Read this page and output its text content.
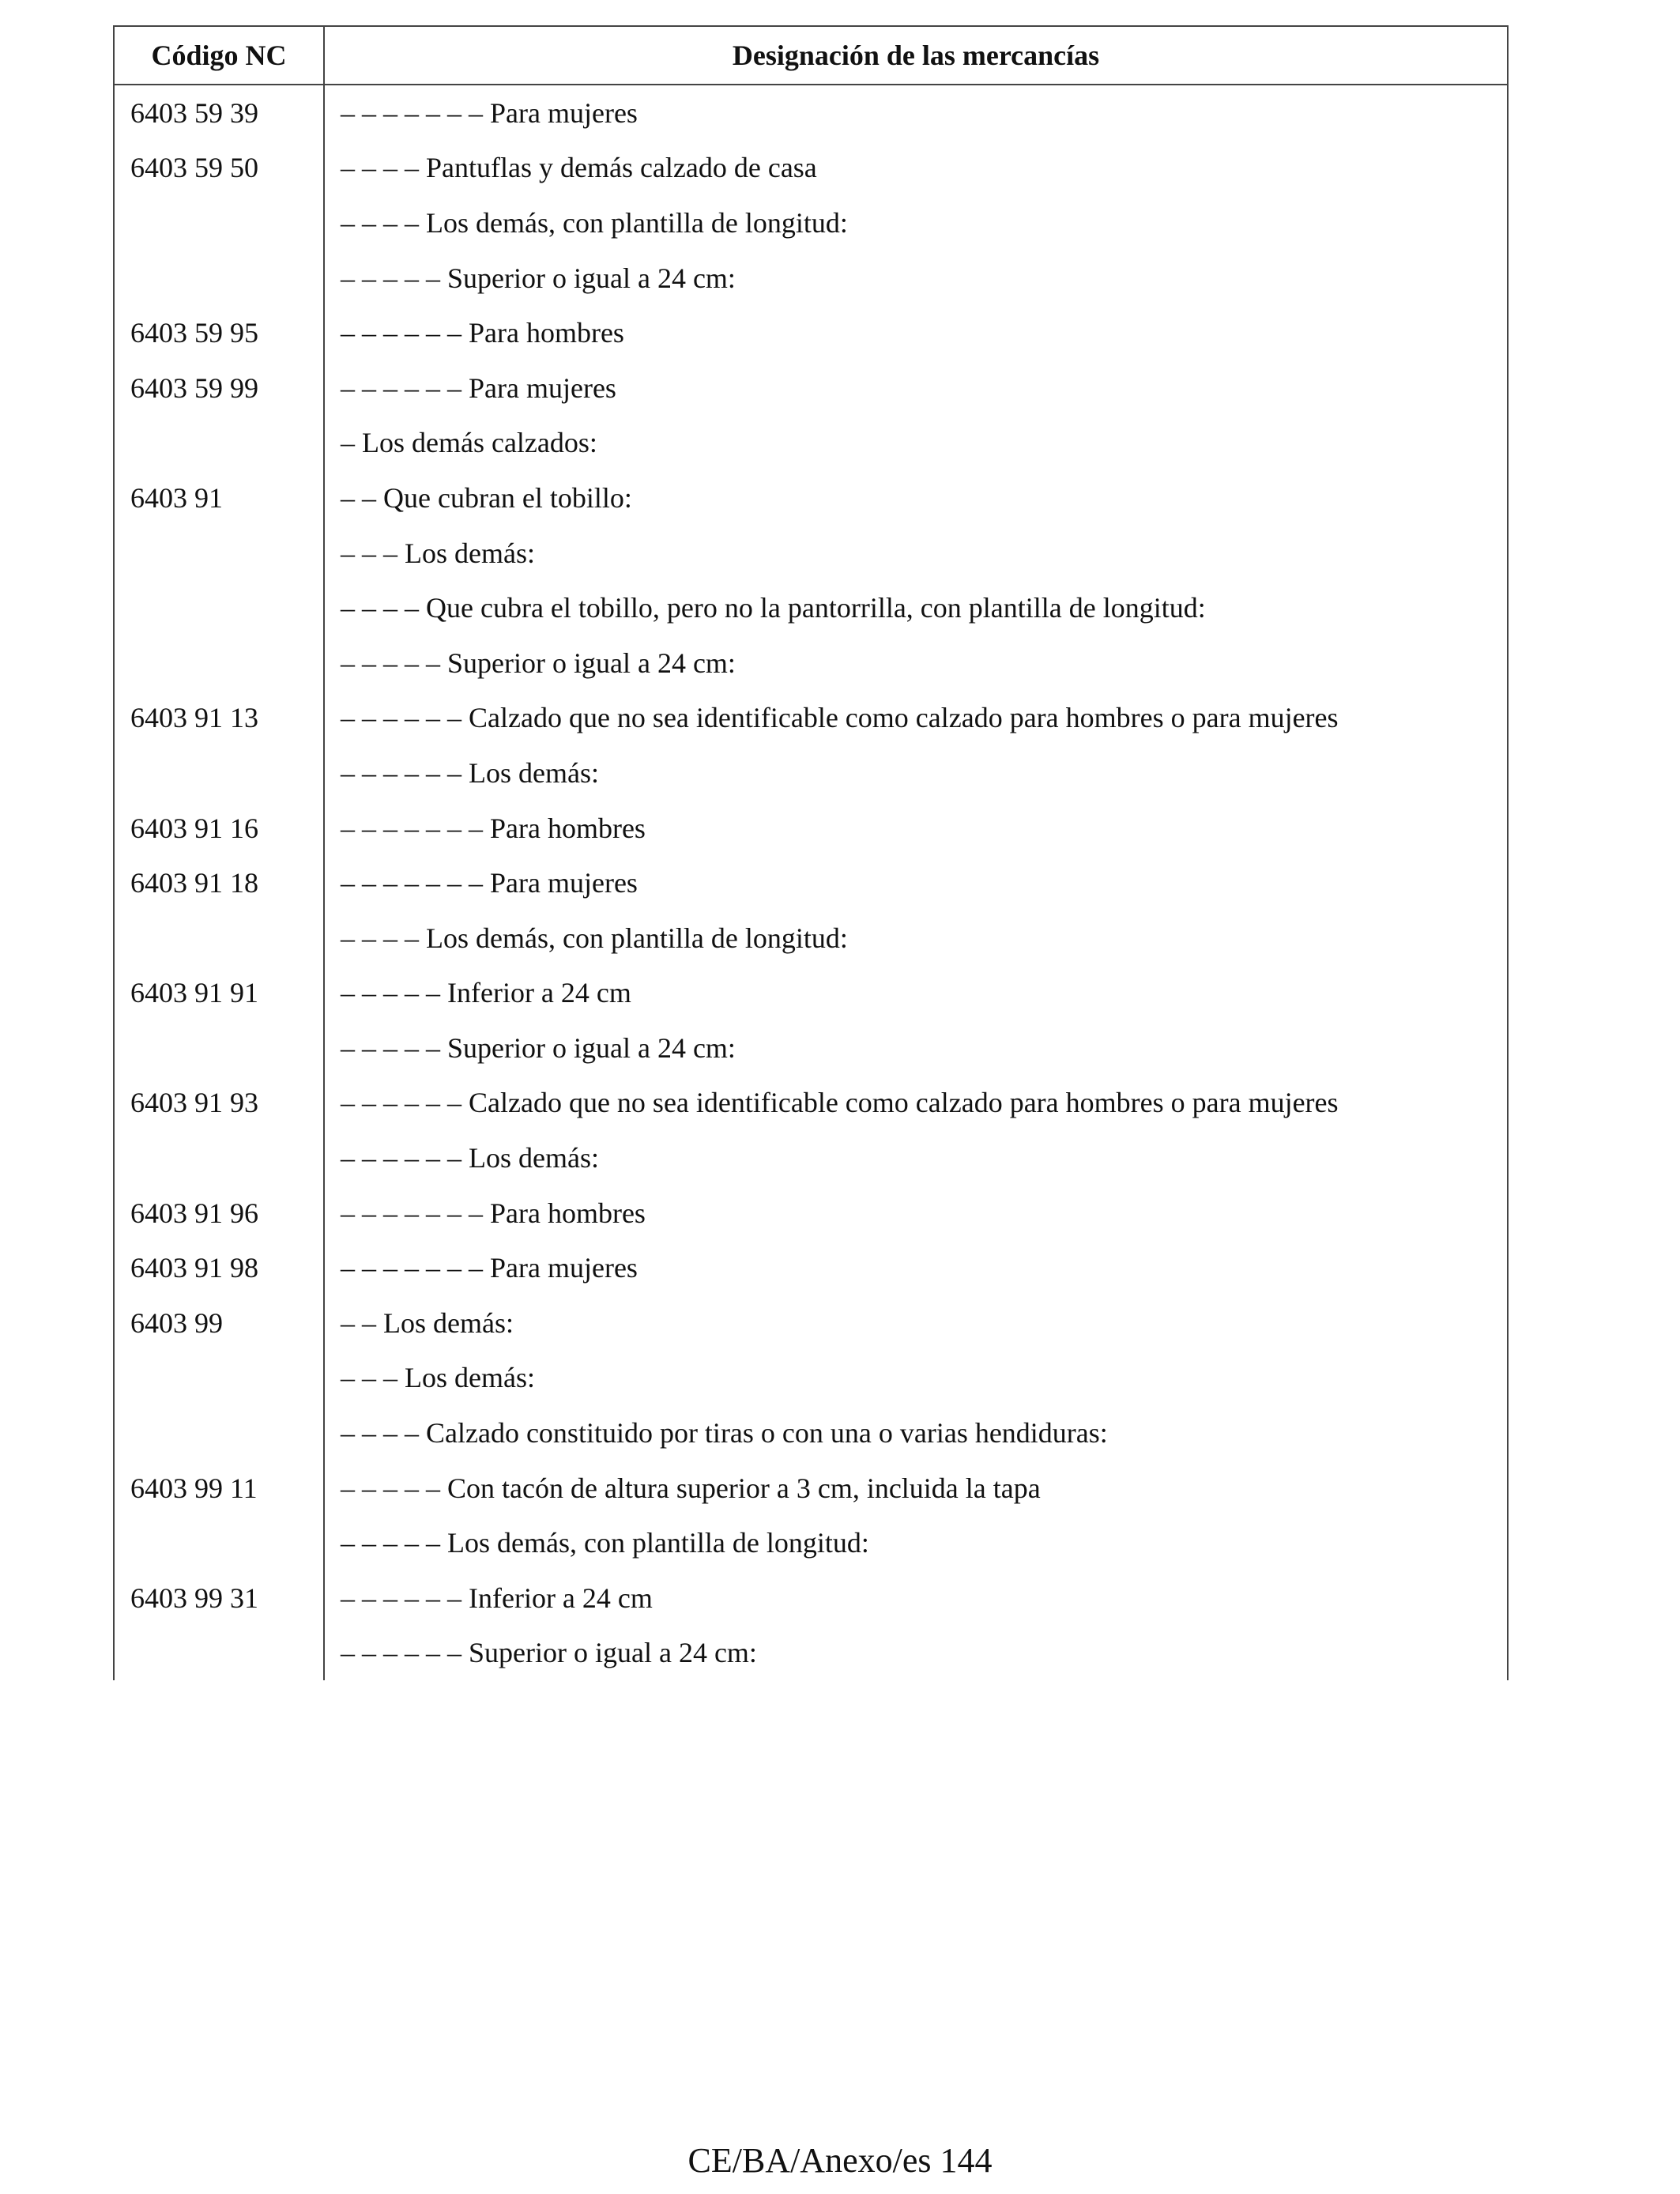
Código NC	Designación de las mercancías
6403 59 39	– – – – – – – Para mujeres
6403 59 50	– – – – Pantuflas y demás calzado de casa
	– – – – Los demás, con plantilla de longitud:
	– – – – – Superior o igual a 24 cm:
6403 59 95	– – – – – – Para hombres
6403 59 99	– – – – – – Para mujeres
	– Los demás calzados:
6403 91	– – Que cubran el tobillo:
	– – – Los demás:
	– – – – Que cubra el tobillo, pero no la pantorrilla, con plantilla de longitud:
	– – – – – Superior o igual a 24 cm:
6403 91 13	– – – – – – Calzado que no sea identificable como calzado para hombres o para mujeres
	– – – – – – Los demás:
6403 91 16	– – – – – – – Para hombres
6403 91 18	– – – – – – – Para mujeres
	– – – – Los demás, con plantilla de longitud:
6403 91 91	– – – – – Inferior a 24 cm
	– – – – – Superior o igual a 24 cm:
6403 91 93	– – – – – – Calzado que no sea identificable como calzado para hombres o para mujeres
	– – – – – – Los demás:
6403 91 96	– – – – – – – Para hombres
6403 91 98	– – – – – – – Para mujeres
6403 99	– – Los demás:
	– – – Los demás:
	– – – – Calzado constituido por tiras o con una o varias hendiduras:
6403 99 11	– – – – – Con tacón de altura superior a 3 cm, incluida la tapa
	– – – – – Los demás, con plantilla de longitud:
6403 99 31	– – – – – – Inferior a 24 cm
	– – – – – – Superior o igual a 24 cm:
CE/BA/Anexo/es 144
